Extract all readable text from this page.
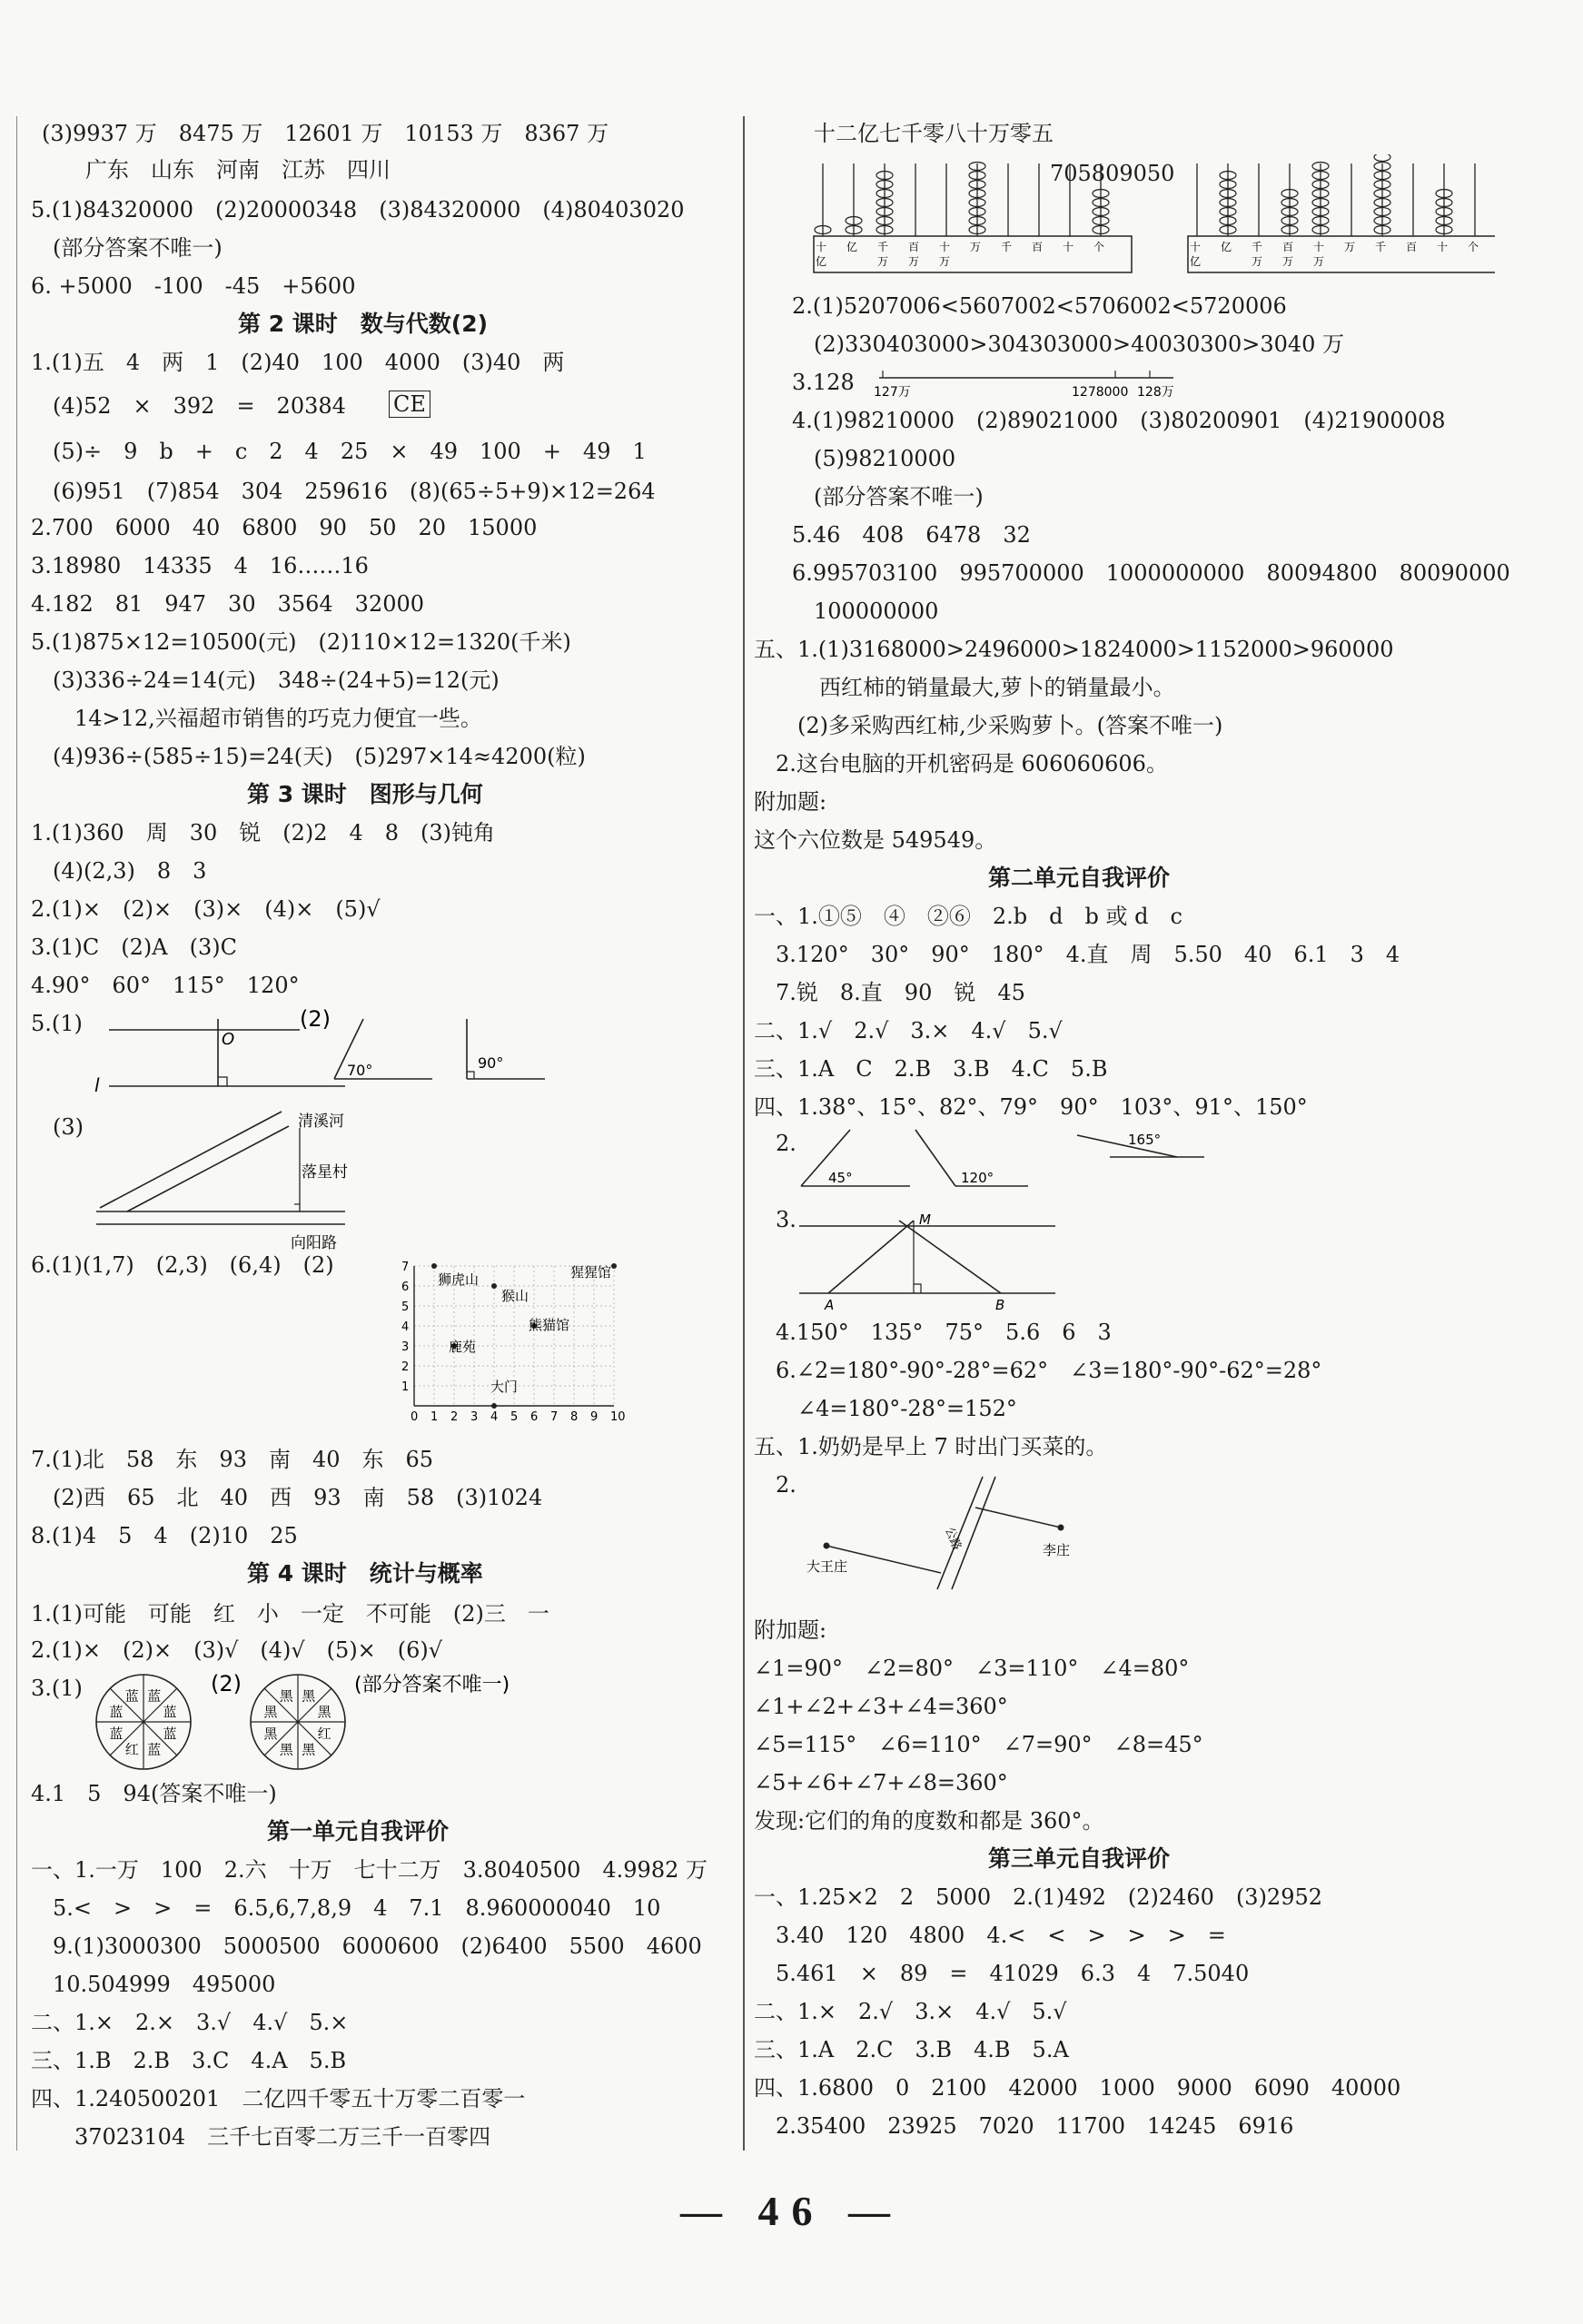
(3)9937 万　8475 万　12601 万　10153 万　8367 万
　　广东　山东　河南　江苏　四川
5.(1)84320000　(2)20000348　(3)84320000　(4)80403020
　(部分答案不唯一)
6. +5000　-100　-45　+5600
第 2 课时　数与代数(2)
1.(1)五　4　两　1　(2)40　100　4000　(3)40　两
　(4)52　×　392　=　20384 CE
　(5)÷　9　b　+　c　2　4　25　×　49　100　+　49　1
　(6)951　(7)854　304　259616　(8)(65÷5+9)×12=264
2.700　6000　40　6800　90　50　20　15000
3.18980　14335　4　16……16
4.182　81　947　30　3564　32000
5.(1)875×12=10500(元)　(2)110×12=1320(千米)
　(3)336÷24=14(元)　348÷(24+5)=12(元)
　　14>12,兴福超市销售的巧克力便宜一些。
　(4)936÷(585÷15)=24(天)　(5)297×14≈4200(粒)
第 3 课时　图形与几何
1.(1)360　周　30　锐　(2)2　4　8　(3)钝角
　(4)(2,3)　8　3
2.(1)×　(2)×　(3)×　(4)×　(5)√
3.(1)C　(2)A　(3)C
4.90°　60°　115°　120°
5.(1)
O
l
(2)
70°	90°
　(3)	清溪河
落星村
向阳路
6.(1)(1,7)　(2,3)　(6,4)　(2)
0 1 2 3 4 5 6 7 8 9 10
1
2
3
4
5
6
7
狮虎山
猴山
猩猩馆
熊猫馆
鹿苑
大门
7.(1)北　58　东　93　南　40　东　65
　(2)西　65　北　40　西　93　南　58　(3)1024
8.(1)4　5　4　(2)10　25
第 4 课时　统计与概率
1.(1)可能　可能　红　小　一定　不可能　(2)三　一
2.(1)×　(2)×　(3)√　(4)√　(5)×　(6)√
3.(1)	蓝
蓝
蓝
蓝
红
蓝
蓝
蓝	(2)	黑
黑
红
黑
黑
黑
黑
黑	(部分答案不唯一)
4.1　5　94(答案不唯一)
第一单元自我评价
一、1.一万　100　2.六　十万　七十二万　3.8040500　4.9982 万
　5.<　>　>　=　6.5,6,7,8,9　4　7.1　8.960000040　10
　9.(1)3000300　5000500　6000600　(2)6400　5500　4600
　10.504999　495000
二、1.×　2.×　3.√　4.√　5.×
三、1.B　2.B　3.C　4.A　5.B
四、1.240500201　二亿四千零五十万零二百零一
　　37023104　三千七百零二万三千一百零四
十二亿七千零八十万零五
705809050
十
亿
亿 千
万
百
万
十
万
万 千 百 十 个	十
亿
亿 千
万
百
万
十
万
万 千 百 十 个
2.(1)5207006<5607002<5706002<5720006
　(2)330403000>304303000>40030300>3040 万
3.128 127万	1278000 128万
4.(1)98210000　(2)89021000　(3)80200901　(4)21900008
　(5)98210000
　(部分答案不唯一)
5.46　408　6478　32
6.995703100　995700000　1000000000　80094800　80090000
　100000000
五、1.(1)3168000>2496000>1824000>1152000>960000
　　　西红柿的销量最大,萝卜的销量最小。
　　(2)多采购西红柿,少采购萝卜。(答案不唯一)
　2.这台电脑的开机密码是 606060606。
附加题:
这个六位数是 549549。
第二单元自我评价
一、1.①⑤　④　②⑥　2.b　d　b 或 d　c
　3.120°　30°　90°　180°　4.直　周　5.50　40　6.1　3　4
　7.锐　8.直　90　锐　45
二、1.√　2.√　3.×　4.√　5.√
三、1.A　C　2.B　3.B　4.C　5.B
四、1.38°、15°、82°、79°　90°　103°、91°、150°
　2.
45°	120°
165°
　3.	M
A	B
　4.150°　135°　75°　5.6　6　3
　6.∠2=180°-90°-28°=62°　∠3=180°-90°-62°=28°
　　∠4=180°-28°=152°
五、1.奶奶是早上 7 时出门买菜的。
　2.
大王庄
李庄
公路
附加题:
∠1=90°　∠2=80°　∠3=110°　∠4=80°
∠1+∠2+∠3+∠4=360°
∠5=115°　∠6=110°　∠7=90°　∠8=45°
∠5+∠6+∠7+∠8=360°
发现:它们的角的度数和都是 360°。
第三单元自我评价
一、1.25×2　2　5000　2.(1)492　(2)2460　(3)2952
　3.40　120　4800　4.<　<　>　>　>　=
　5.461　×　89　=　41029　6.3　4　7.5040
二、1.×　2.√　3.×　4.√　5.√
三、1.A　2.C　3.B　4.B　5.A
四、1.6800　0　2100　42000　1000　9000　6090　40000
　2.35400　23925　7020　11700　14245　6916
— 46 —
